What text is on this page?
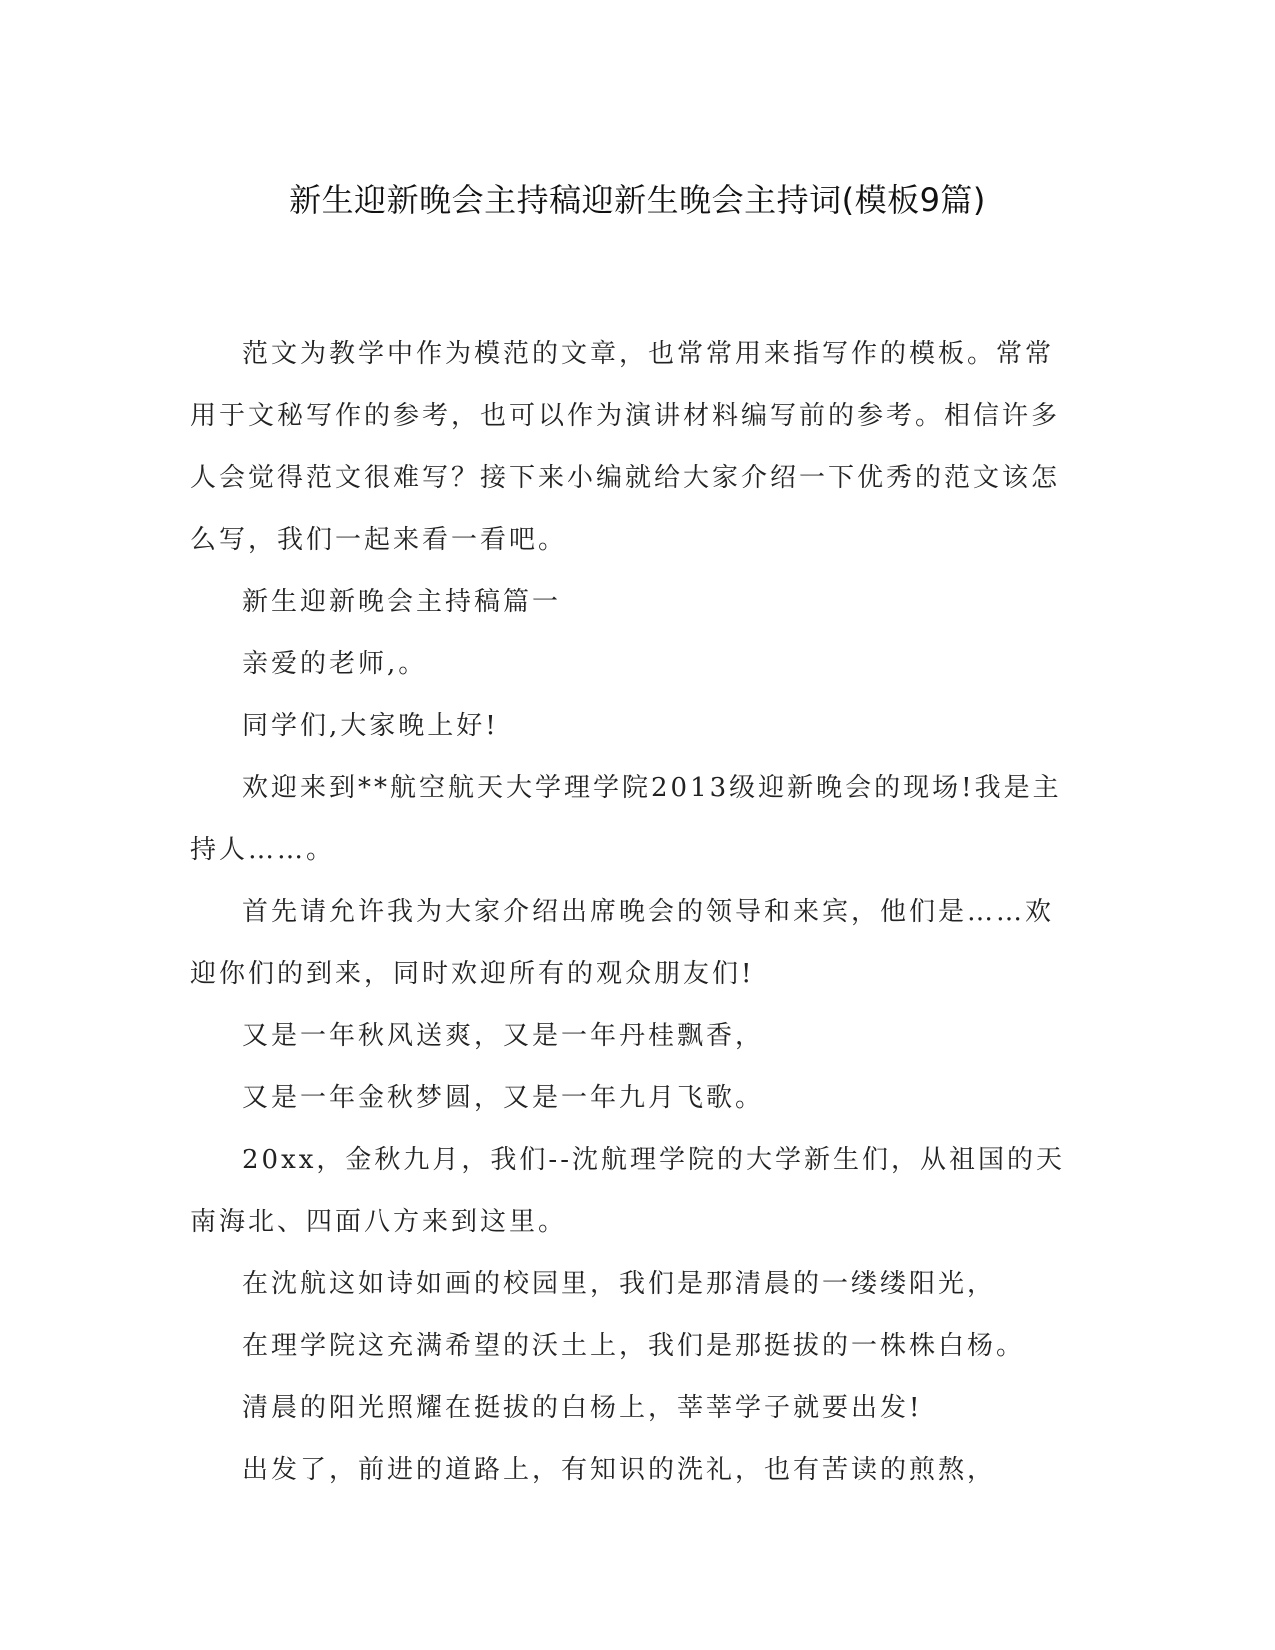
新生迎新晚会主持稿迎新生晚会主持词(模板9篇)

范文为教学中作为模范的文章，也常常用来指写作的模板。常常用于文秘写作的参考，也可以作为演讲材料编写前的参考。相信许多人会觉得范文很难写？接下来小编就给大家介绍一下优秀的范文该怎么写，我们一起来看一看吧。

新生迎新晚会主持稿篇一

亲爱的老师,。

同学们,大家晚上好!

欢迎来到**航空航天大学理学院2013级迎新晚会的现场!我是主持人……。

首先请允许我为大家介绍出席晚会的领导和来宾，他们是……欢迎你们的到来，同时欢迎所有的观众朋友们!

又是一年秋风送爽，又是一年丹桂飘香，

又是一年金秋梦圆，又是一年九月飞歌。

20xx，金秋九月，我们--沈航理学院的大学新生们，从祖国的天南海北、四面八方来到这里。

在沈航这如诗如画的校园里，我们是那清晨的一缕缕阳光，

在理学院这充满希望的沃土上，我们是那挺拔的一株株白杨。

清晨的阳光照耀在挺拔的白杨上，莘莘学子就要出发!

出发了，前进的道路上，有知识的洗礼，也有苦读的煎熬，
